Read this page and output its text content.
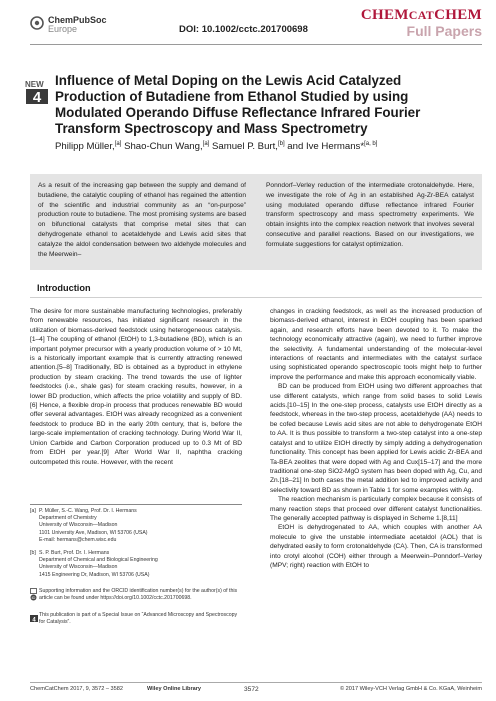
ChemPubSoc
Europe	DOI: 10.1002/cctc.201700698
CHEMCATCHEM
Full Papers
NEW
4
Influence of Metal Doping on the Lewis Acid Catalyzed Production of Butadiene from Ethanol Studied by using Modulated Operando Diffuse Reflectance Infrared Fourier Transform Spectroscopy and Mass Spectrometry
Philipp Müller,[a] Shao-Chun Wang,[a] Samuel P. Burt,[b] and Ive Hermans*[a, b]
As a result of the increasing gap between the supply and demand of butadiene, the catalytic coupling of ethanol has regained the attention of the scientific and industrial community as an “on-purpose” production route to butadiene. The most promising systems are based on bifunctional catalysts that comprise metal sites that can dehydrogenate ethanol to acetaldehyde and Lewis acid sites that catalyze the aldol condensation between two aldehyde molecules and the Meerwein–
Ponndorf–Verley reduction of the intermediate crotonaldehyde. Here, we investigate the role of Ag in an established Ag-Zr-BEA catalyst using modulated operando diffuse reflectance infrared Fourier transform spectroscopy and mass spectrometry experiments. We obtain insights into the complex reaction network that involves several consecutive and parallel reactions. Based on our investigations, we formulate suggestions for catalyst optimization.
Introduction

The desire for more sustainable manufacturing technologies, preferably from renewable resources, has initiated significant research in the utilization of biomass-derived feedstock using heterogeneous catalysis.[1–4] The coupling of ethanol (EtOH) to 1,3-butadiene (BD), which is an important polymer precursor with a yearly production volume of > 10 Mt, is a historically important example that is currently attracting renewed attention.[5–8] Traditionally, BD is obtained as a byproduct in ethylene production by steam cracking. The trend towards the use of lighter feedstocks (i.e., shale gas) for steam cracking results, however, in a lower BD production, which affects the price volatility and supply of BD.[6] Hence, a flexible drop-in process that produces renewable BD would offer several advantages. EtOH was already recognized as a convenient feedstock to produce BD in the early 20th century, that is, before the large-scale implementation of cracking technology. During World War II, Union Carbide and Carbon Corporation produced up to 0.3 Mt of BD from EtOH per year.[9] After World War II, naphtha cracking outcompeted this route. However, with the recent

changes in cracking feedstock, as well as the increased production of biomass-derived ethanol, interest in EtOH coupling has been sparked again, and research efforts have been devoted to it. To make the technology economically attractive (again), we need to further improve the selectivity. A fundamental understanding of the molecular-level interactions of reactants and intermediates with the catalyst surface using sophisticated operando spectroscopic tools might help to further improve the performance and make this approach economically viable.

BD can be produced from EtOH using two different approaches that use different catalysts, which range from solid bases to solid Lewis acids.[10–15] In the one-step process, catalysts use EtOH directly as a feedstock, whereas in the two-step process, acetaldehyde (AA) needs to be cofed because Lewis acid sites are not able to dehydrogenate EtOH to AA. It is thus possible to transform a two-step catalyst into a one-step catalyst and to utilize EtOH directly by simply adding a dehydrogenation functionality. This concept has been applied for Lewis acidic Zr-BEA and Ta-BEA zeolites that were doped with Ag and Cux[15–17] and the more traditional one-step SiO2-MgO system has been doped with Ag, Cu, and Zn.[18–21] In both cases the metal addition led to improved activity and selectivity toward BD as shown in Table 1 for some examples with Ag.

The reaction mechanism is particularly complex because it consists of many reaction steps that proceed over different catalyst functionalities. The generally accepted pathway is displayed in Scheme 1.[8,11]

EtOH is dehydrogenated to AA, which couples with another AA molecule to give the unstable intermediate acetaldol (AOL) that is dehydrated easily to form crotonaldehyde (CA). Then, CA is transformed into crotyl alcohol (COH) either through a Meerwein–Ponndorf–Verley (MPV; right) reaction with EtOH to

[a] P. Müller, S.-C. Wang, Prof. Dr. I. Hermans
Department of Chemistry
University of Wisconsin—Madison
1101 University Ave, Madison, WI 53706 (USA)
E-mail: hermans@chem.wisc.edu
[b] S. P. Burt, Prof. Dr. I. Hermans
Department of Chemical and Biological Engineering
University of Wisconsin—Madison
1415 Engineering Dr, Madison, WI 53706 (USA)
iD
Supporting information and the ORCID identification number(s) for the author(s) of this article can be found under https://doi.org/10.1002/cctc.201700698.
4
This publication is part of a Special Issue on “Advanced Microscopy and Spectroscopy for Catalysis”.
ChemCatChem 2017, 9, 3572 – 3582	Wiley Online Library	3572	© 2017 Wiley-VCH Verlag GmbH & Co. KGaA, Weinheim
